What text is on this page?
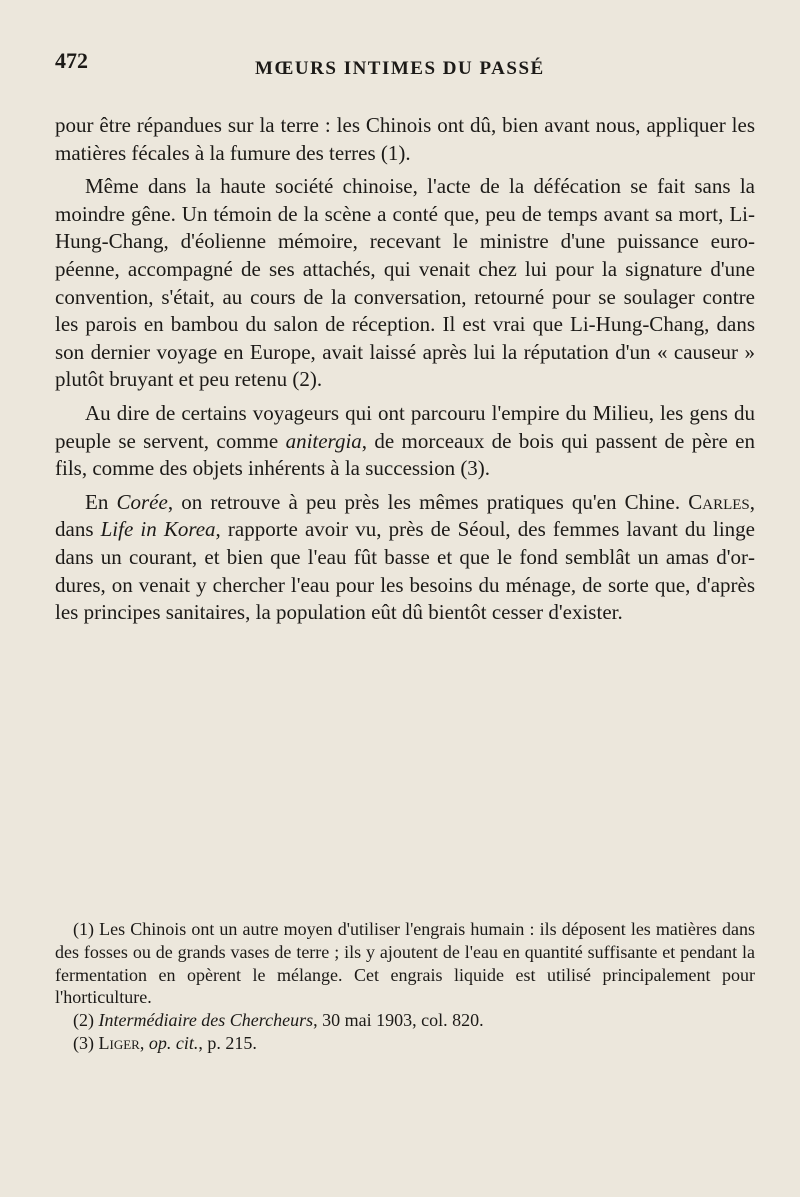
472	MŒURS INTIMES DU PASSÉ

pour être répandues sur la terre : les Chinois ont dû, bien avant nous, appliquer les matières fécales à la fumure des terres (1).

Même dans la haute société chinoise, l'acte de la défécation se fait sans la moindre gêne. Un témoin de la scène a conté que, peu de temps avant sa mort, Li-Hung-Chang, d'éolienne mémoire, recevant le ministre d'une puissance européenne, accompagné de ses attachés, qui venait chez lui pour la signature d'une convention, s'était, au cours de la conversation, retourné pour se soulager contre les parois en bambou du salon de réception. Il est vrai que Li-Hung-Chang, dans son dernier voyage en Europe, avait laissé après lui la réputation d'un « causeur » plutôt bruyant et peu retenu (2).

Au dire de certains voyageurs qui ont parcouru l'empire du Milieu, les gens du peuple se servent, comme anitergia, de morceaux de bois qui passent de père en fils, comme des objets inhérents à la succession (3).

En Corée, on retrouve à peu près les mêmes pratiques qu'en Chine. Carles, dans Life in Korea, rapporte avoir vu, près de Séoul, des femmes lavant du linge dans un courant, et bien que l'eau fût basse et que le fond semblât un amas d'ordures, on venait y chercher l'eau pour les besoins du ménage, de sorte que, d'après les principes sanitaires, la population eût dû bientôt cesser d'exister.

(1) Les Chinois ont un autre moyen d'utiliser l'engrais humain : ils déposent les matières dans des fosses ou de grands vases de terre ; ils y ajoutent de l'eau en quantité suffisante et pendant la fermentation en opèrent le mélange. Cet engrais liquide est utilisé principalement pour l'horticulture.

(2) Intermédiaire des Chercheurs, 30 mai 1903, col. 820.

(3) Liger, op. cit., p. 215.
